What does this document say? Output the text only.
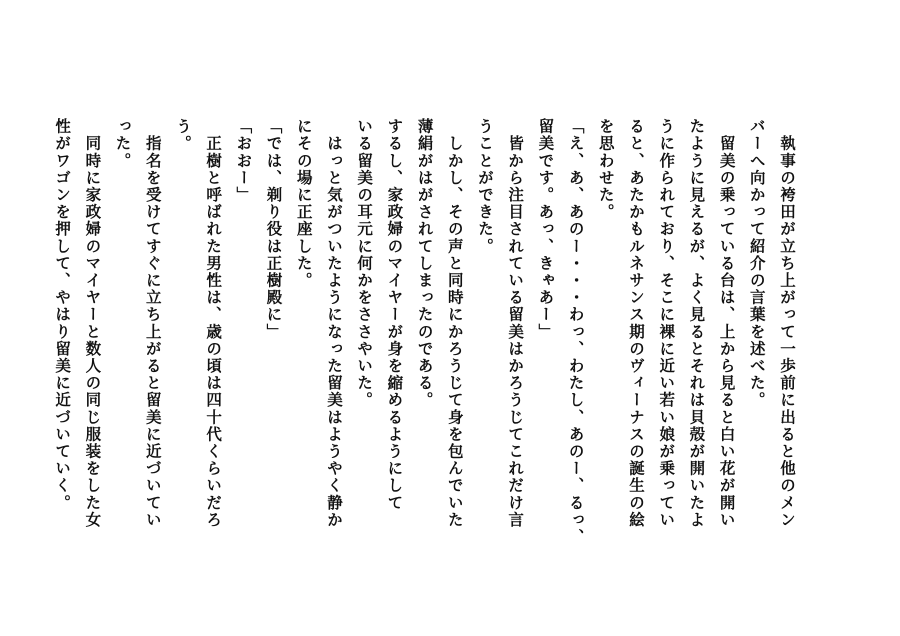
　執事の袴田が立ち上がって一歩前に出ると他のメン
バーへ向かって紹介の言葉を述べた。
　留美の乗っている台は、上から見ると白い花が開い
たように見えるが、よく見るとそれは貝殻が開いたよ
うに作られており、そこに裸に近い若い娘が乗ってい
ると、あたかもルネサンス期のヴィーナスの誕生の絵
を思わせた。
「え、あ、あのー・・・わっ、わたし、あのー、るっ、
留美です。あっ、きゃあー」
　皆から注目されている留美はかろうじてこれだけ言
うことができた。
　しかし、その声と同時にかろうじて身を包んでいた
薄絹がはがされてしまったのである。
するし、家政婦のマイヤーが身を縮めるようにして
いる留美の耳元に何かをささやいた。
　はっと気がついたようになった留美はようやく静か
にその場に正座した。
「では、剃り役は正樹殿に」
「おおー」
　正樹と呼ばれた男性は、歳の頃は四十代くらいだろ
う。
　指名を受けてすぐに立ち上がると留美に近づいてい
った。
　同時に家政婦のマイヤーと数人の同じ服装をした女
性がワゴンを押して、やはり留美に近づいていく。
